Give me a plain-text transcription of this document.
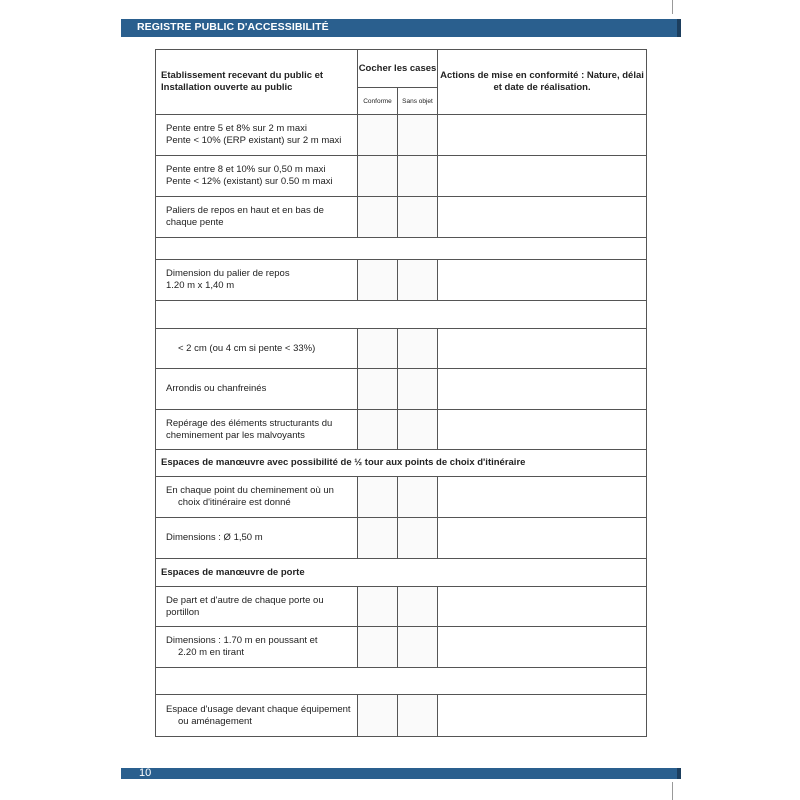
REGISTRE PUBLIC D'ACCESSIBILITÉ
Etablissement recevant du public et Installation ouverte au public	Cocher les cases		Actions de mise en conformité : Nature, délai et date de réalisation.
	Conforme	Sans objet	

Pente entre 5 et 8% sur 2 m maxi
Pente < 10% (ERP existant) sur 2 m maxi			

Pente entre 8 et 10% sur 0,50 m maxi
Pente < 12% (existant) sur 0.50 m maxi			

Paliers de repos en haut et en bas de
chaque pente			

Dimension du palier de repos
1.20 m x 1,40 m			

< 2 cm (ou 4 cm si pente < 33%)			

Arrondis ou chanfreinés			

Repérage des éléments structurants du
cheminement par les malvoyants			

Espaces de manœuvre avec possibilité de ½ tour aux points de choix d'itinéraire			

En chaque point du cheminement où un
choix d'itinéraire est donné			

Dimensions : Ø 1,50 m			

Espaces de manœuvre de porte			

De part et d'autre de chaque porte ou
portillon			

Dimensions : 1.70 m en poussant et
2.20 m en tirant			

Espace d'usage devant chaque équipement
ou aménagement			

10
